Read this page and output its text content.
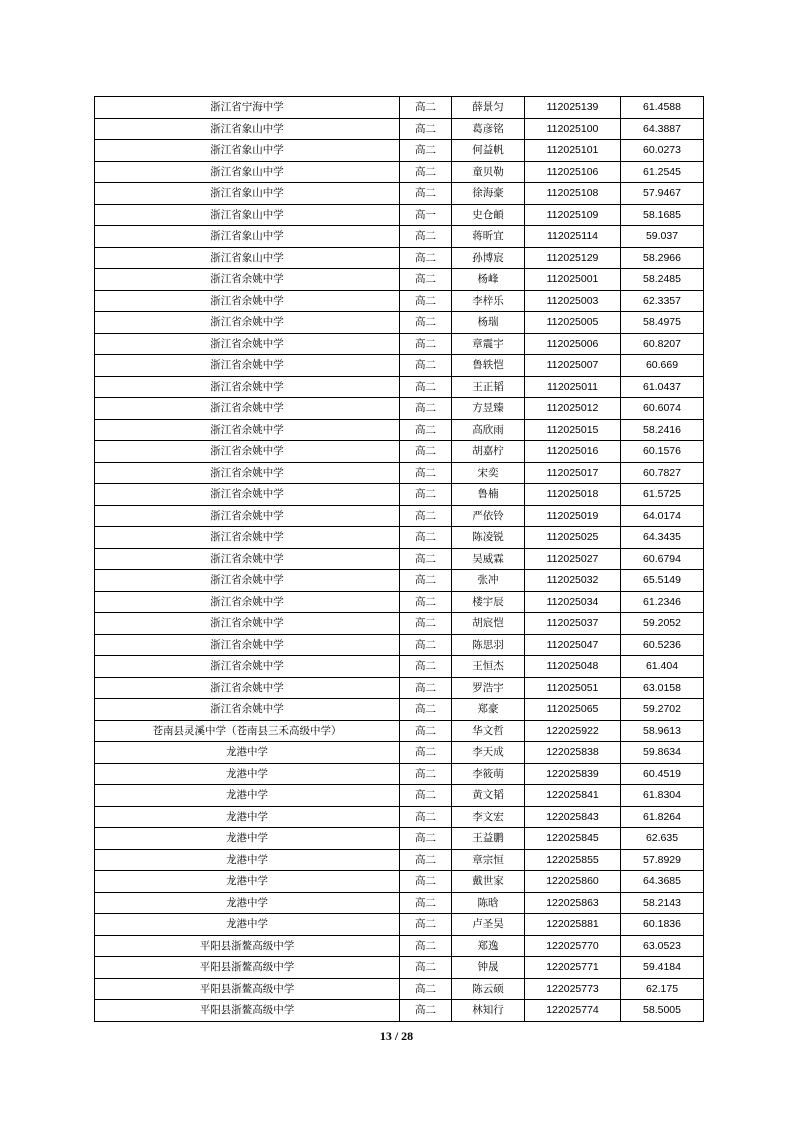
浙江省宁海中学	高二	薛景匀	112025139	61.4588
浙江省象山中学	高二	葛彦铭	112025100	64.3887
浙江省象山中学	高二	何益帆	112025101	60.0273
浙江省象山中学	高二	童贝勒	112025106	61.2545
浙江省象山中学	高二	徐海豪	112025108	57.9467
浙江省象山中学	高一	史仓頔	112025109	58.1685
浙江省象山中学	高二	蒋昕宜	112025114	59.037
浙江省象山中学	高二	孙博宸	112025129	58.2966
浙江省余姚中学	高二	杨峰	112025001	58.2485
浙江省余姚中学	高二	李梓乐	112025003	62.3357
浙江省余姚中学	高二	杨瑞	112025005	58.4975
浙江省余姚中学	高二	章震宇	112025006	60.8207
浙江省余姚中学	高二	鲁轶恺	112025007	60.669
浙江省余姚中学	高二	王正韬	112025011	61.0437
浙江省余姚中学	高二	方昱臻	112025012	60.6074
浙江省余姚中学	高二	高欣雨	112025015	58.2416
浙江省余姚中学	高二	胡嘉柠	112025016	60.1576
浙江省余姚中学	高二	宋奕	112025017	60.7827
浙江省余姚中学	高二	鲁楠	112025018	61.5725
浙江省余姚中学	高二	严依铃	112025019	64.0174
浙江省余姚中学	高二	陈凌锐	112025025	64.3435
浙江省余姚中学	高二	吴威霖	112025027	60.6794
浙江省余姚中学	高二	张冲	112025032	65.5149
浙江省余姚中学	高二	楼宇辰	112025034	61.2346
浙江省余姚中学	高二	胡宸恺	112025037	59.2052
浙江省余姚中学	高二	陈思羽	112025047	60.5236
浙江省余姚中学	高二	王恒杰	112025048	61.404
浙江省余姚中学	高二	罗浩宇	112025051	63.0158
浙江省余姚中学	高二	郑豪	112025065	59.2702
苍南县灵溪中学（苍南县三禾高级中学）	高二	华文哲	122025922	58.9613
龙港中学	高二	李天成	122025838	59.8634
龙港中学	高二	李筱萌	122025839	60.4519
龙港中学	高二	黄文韬	122025841	61.8304
龙港中学	高二	李文宏	122025843	61.8264
龙港中学	高二	王益鹏	122025845	62.635
龙港中学	高二	章宗恒	122025855	57.8929
龙港中学	高二	戴世家	122025860	64.3685
龙港中学	高二	陈晗	122025863	58.2143
龙港中学	高二	卢圣昊	122025881	60.1836
平阳县浙鳌高级中学	高二	郑逸	122025770	63.0523
平阳县浙鳌高级中学	高二	钟晟	122025771	59.4184
平阳县浙鳌高级中学	高二	陈云硕	122025773	62.175
平阳县浙鳌高级中学	高二	林知行	122025774	58.5005
13 / 28
